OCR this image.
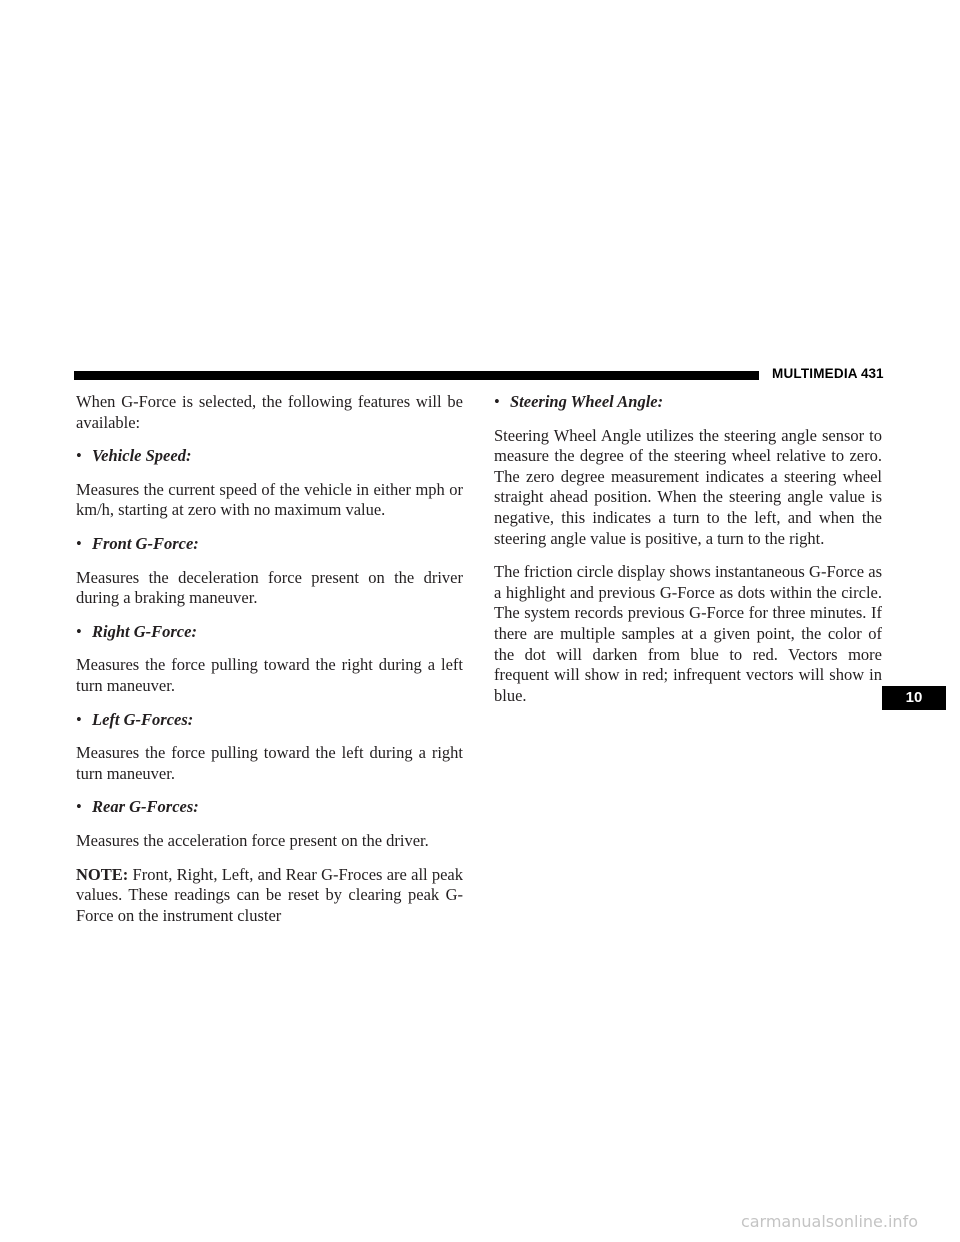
MULTIMEDIA 431

When G-Force is selected, the following features will be available:

• Vehicle Speed:

Measures the current speed of the vehicle in either mph or km/h, starting at zero with no maximum value.

• Front G-Force:

Measures the deceleration force present on the driver during a braking maneuver.

• Right G-Force:

Measures the force pulling toward the right during a left turn maneuver.

• Left G-Forces:

Measures the force pulling toward the left during a right turn maneuver.

• Rear G-Forces:

Measures the acceleration force present on the driver.

NOTE: Front, Right, Left, and Rear G-Froces are all peak values. These readings can be reset by clearing peak G-Force on the instrument cluster

• Steering Wheel Angle:

Steering Wheel Angle utilizes the steering angle sensor to measure the degree of the steering wheel relative to zero. The zero degree measurement indicates a steering wheel straight ahead position. When the steering angle value is negative, this indicates a turn to the left, and when the steering angle value is positive, a turn to the right.

The friction circle display shows instantaneous G-Force as a highlight and previous G-Force as dots within the circle. The system records previous G-Force for three minutes. If there are multiple samples at a given point, the color of the dot will darken from blue to red. Vectors more frequent will show in red; infrequent vectors will show in blue.	10
carmanualsonline.info
